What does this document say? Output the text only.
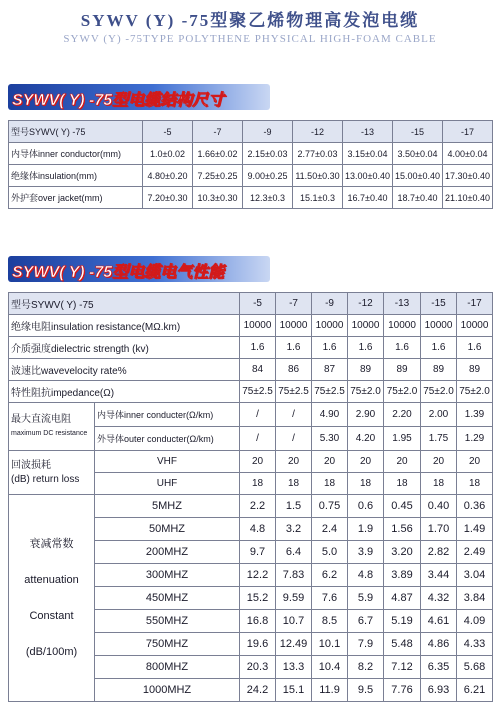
SYWV (Y) -75型聚乙烯物理高发泡电缆
SYWV (Y) -75TYPE POLYTHENE PHYSICAL HIGH-FOAM CABLE
SYWV( Y) -75型电缆结构尺寸
型号SYWV( Y) -75	-5	-7	-9	-12	-13	-15	-17
内导体inner conductor(mm)	1.0±0.02	1.66±0.02	2.15±0.03	2.77±0.03	3.15±0.04	3.50±0.04	4.00±0.04
绝缘体insulation(mm)	4.80±0.20	7.25±0.25	9.00±0.25	11.50±0.30	13.00±0.40	15.00±0.40	17.30±0.40
外护套over jacket(mm)	7.20±0.30	10.3±0.30	12.3±0.3	15.1±0.3	16.7±0.40	18.7±0.40	21.10±0.40
SYWV( Y) -75型电缆电气性能
型号SYWV( Y) -75		-5	-7	-9	-12	-13	-15	-17
绝缘电阻insulation resistance(MΩ.km)		10000	10000	10000	10000	10000	10000	10000
介质强度dielectric strength (kv)		1.6	1.6	1.6	1.6	1.6	1.6	1.6
波速比wavevelocity rate%		84	86	87	89	89	89	89
特性阻抗impedance(Ω)		75±2.5	75±2.5	75±2.5	75±2.0	75±2.0	75±2.0	75±2.0

最大直流电阻
maximum DC resistance	内导体inner conducter(Ω/km)	/	/	4.90	2.90	2.20	2.00	1.39
	外导体outer conducter(Ω/km)	/	/	5.30	4.20	1.95	1.75	1.29

回波损耗
(dB) return loss	VHF	20	20	20	20	20	20	20
	UHF	18	18	18	18	18	18	18

衰减常数
attenuation
Constant
(dB/100m)	5MHZ	2.2	1.5	0.75	0.6	0.45	0.40	0.36
	50MHZ	4.8	3.2	2.4	1.9	1.56	1.70	1.49
	200MHZ	9.7	6.4	5.0	3.9	3.20	2.82	2.49
	300MHZ	12.2	7.83	6.2	4.8	3.89	3.44	3.04
	450MHZ	15.2	9.59	7.6	5.9	4.87	4.32	3.84
	550MHZ	16.8	10.7	8.5	6.7	5.19	4.61	4.09
	750MHZ	19.6	12.49	10.1	7.9	5.48	4.86	4.33
	800MHZ	20.3	13.3	10.4	8.2	7.12	6.35	5.68
	1000MHZ	24.2	15.1	11.9	9.5	7.76	6.93	6.21
